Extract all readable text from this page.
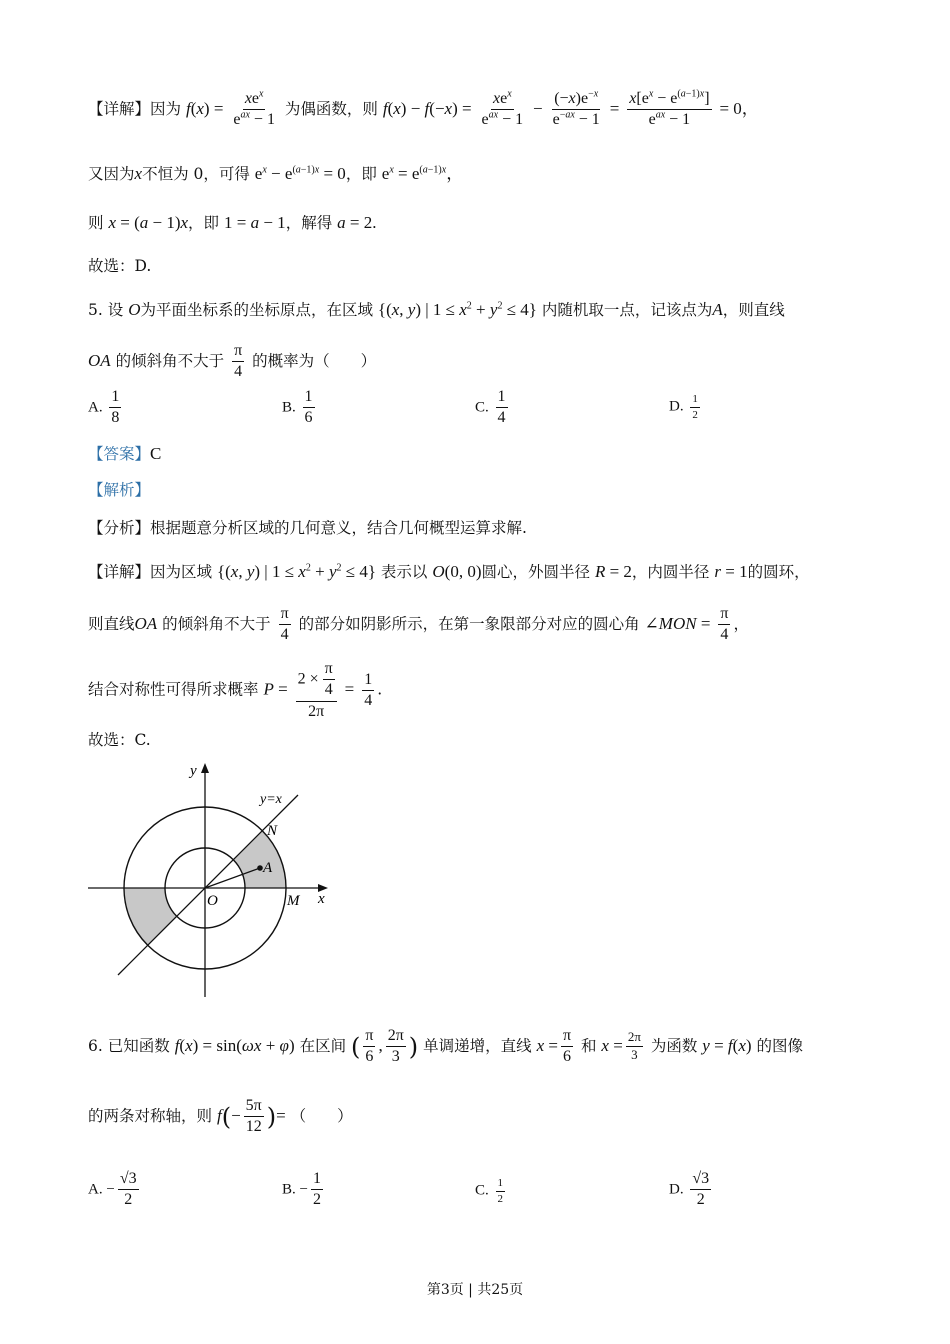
【详解】因为 $f(x) = \frac{xe^x}{e^{ax} - 1}$ 为偶函数，则 $f(x) - f(-x) = \frac{xe^x}{e^{ax} - 1} - \frac{(-x)e^{-x}}{e^{-ax} - 1} = \frac{x[e^x - e^{(a-1)x}]}{e^{ax} - 1} = 0$，
又因为x不恒为 0，可得 $e^x - e^{(a-1)x} = 0$，即 $e^x = e^{(a-1)x}$，
则 x = (a − 1)x，即 1 = a − 1，解得 a = 2.
故选：D.
5. 设 O为平面坐标系的坐标原点，在区域 {(x, y) | $1 \le x^2 + y^2 \le 4$} 内随机取一点，记该点为A，则直线
OA 的倾斜角不大于 $\frac{\pi}{4}$ 的概率为（　　）
A. $\frac{1}{8}$	B. $\frac{1}{6}$	C. $\frac{1}{4}$	D. $\frac{1}{2}$
【答案】C
【解析】
【分析】根据题意分析区域的几何意义，结合几何概型运算求解.
【详解】因为区域 {(x, y) | $1 \le x^2 + y^2 \le 4$} 表示以 O(0, 0)圆心，外圆半径 R = 2，内圆半径 r = 1的圆环，
则直线OA 的倾斜角不大于 $\frac{\pi}{4}$ 的部分如阴影所示，在第一象限部分对应的圆心角 ∠MON = $\frac{\pi}{4}$ ，
结合对称性可得所求概率 $P = \frac{2 \times \frac{\pi}{4}}{2\pi} = \frac{1}{4}$ .
故选：C.
y
y=x
N
A
O	M x
6. 已知函数 f(x) = sin(ωx + φ) 在区间 ( $\frac{\pi}{6}$ , $\frac{2\pi}{3}$ ) 单调递增，直线 $x = \frac{\pi}{6}$ 和 $x = \frac{2\pi}{3}$ 为函数 y = f(x) 的图像
的两条对称轴，则 $f(- \frac{5\pi}{12}$ )= （　　）
A. − $\frac{√3}{2}$	B. − $\frac{1}{2}$	C. $\frac{1}{2}$	D. $\frac{√3}{2}$
第3页 | 共25页
